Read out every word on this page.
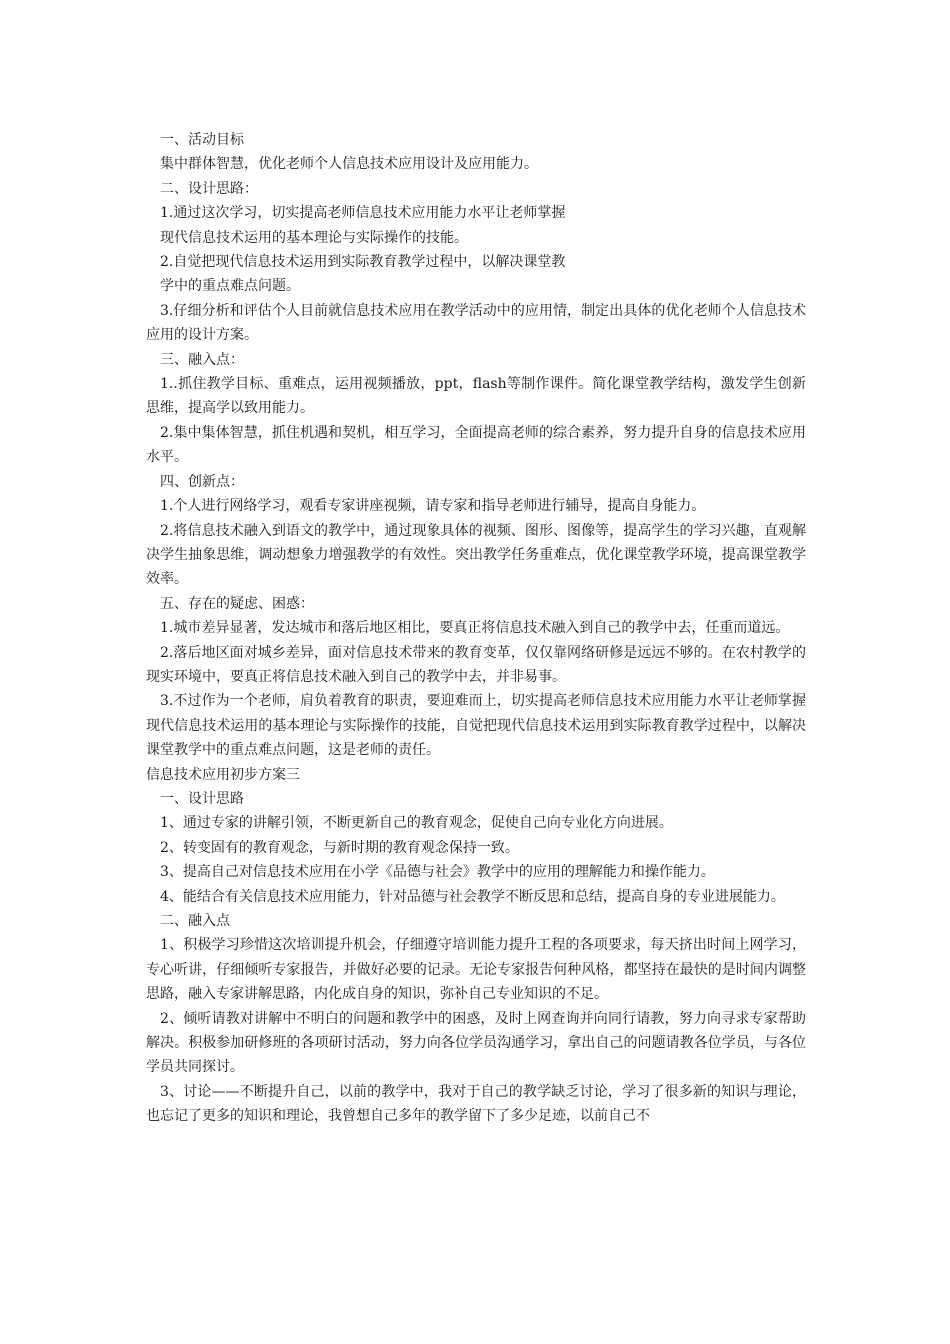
一、活动目标

集中群体智慧，优化老师个人信息技术应用设计及应用能力。

二、设计思路：

1.通过这次学习，切实提高老师信息技术应用能力水平让老师掌握

现代信息技术运用的基本理论与实际操作的技能。

2.自觉把现代信息技术运用到实际教育教学过程中，以解决课堂教

学中的重点难点问题。

3.仔细分析和评估个人目前就信息技术应用在教学活动中的应用情，制定出具体的优化老师个人信息技术应用的设计方案。

三、融入点：

1..抓住教学目标、重难点，运用视频播放，ppt，flash等制作课件。简化课堂教学结构，激发学生创新思维，提高学以致用能力。

2.集中集体智慧，抓住机遇和契机，相互学习，全面提高老师的综合素养，努力提升自身的信息技术应用水平。

四、创新点：

1.个人进行网络学习，观看专家讲座视频，请专家和指导老师进行辅导，提高自身能力。

2.将信息技术融入到语文的教学中，通过现象具体的视频、图形、图像等，提高学生的学习兴趣，直观解决学生抽象思维，调动想象力增强教学的有效性。突出教学任务重难点，优化课堂教学环境，提高课堂教学效率。

五、存在的疑虑、困惑：

1.城市差异显著，发达城市和落后地区相比，要真正将信息技术融入到自己的教学中去，任重而道远。

2.落后地区面对城乡差异，面对信息技术带来的教育变革，仅仅靠网络研修是远远不够的。在农村教学的现实环境中，要真正将信息技术融入到自己的教学中去，并非易事。

3.不过作为一个老师，肩负着教育的职责，要迎难而上，切实提高老师信息技术应用能力水平让老师掌握现代信息技术运用的基本理论与实际操作的技能，自觉把现代信息技术运用到实际教育教学过程中，以解决课堂教学中的重点难点问题，这是老师的责任。

信息技术应用初步方案三

一、设计思路

1、通过专家的讲解引领，不断更新自己的教育观念，促使自己向专业化方向进展。

2、转变固有的教育观念，与新时期的教育观念保持一致。

3、提高自己对信息技术应用在小学《品德与社会》教学中的应用的理解能力和操作能力。

4、能结合有关信息技术应用能力，针对品德与社会教学不断反思和总结，提高自身的专业进展能力。

二、融入点

1、积极学习珍惜这次培训提升机会，仔细遵守培训能力提升工程的各项要求，每天挤出时间上网学习，专心听讲，仔细倾听专家报告，并做好必要的记录。无论专家报告何种风格，都坚持在最快的是时间内调整思路，融入专家讲解思路，内化成自身的知识，弥补自己专业知识的不足。

2、倾听请教对讲解中不明白的问题和教学中的困惑，及时上网查询并向同行请教，努力向寻求专家帮助解决。积极参加研修班的各项研讨活动，努力向各位学员沟通学习，拿出自己的问题请教各位学员，与各位学员共同探讨。

3、讨论——不断提升自己，以前的教学中，我对于自己的教学缺乏讨论，学习了很多新的知识与理论，也忘记了更多的知识和理论，我曾想自己多年的教学留下了多少足迹，以前自己不
